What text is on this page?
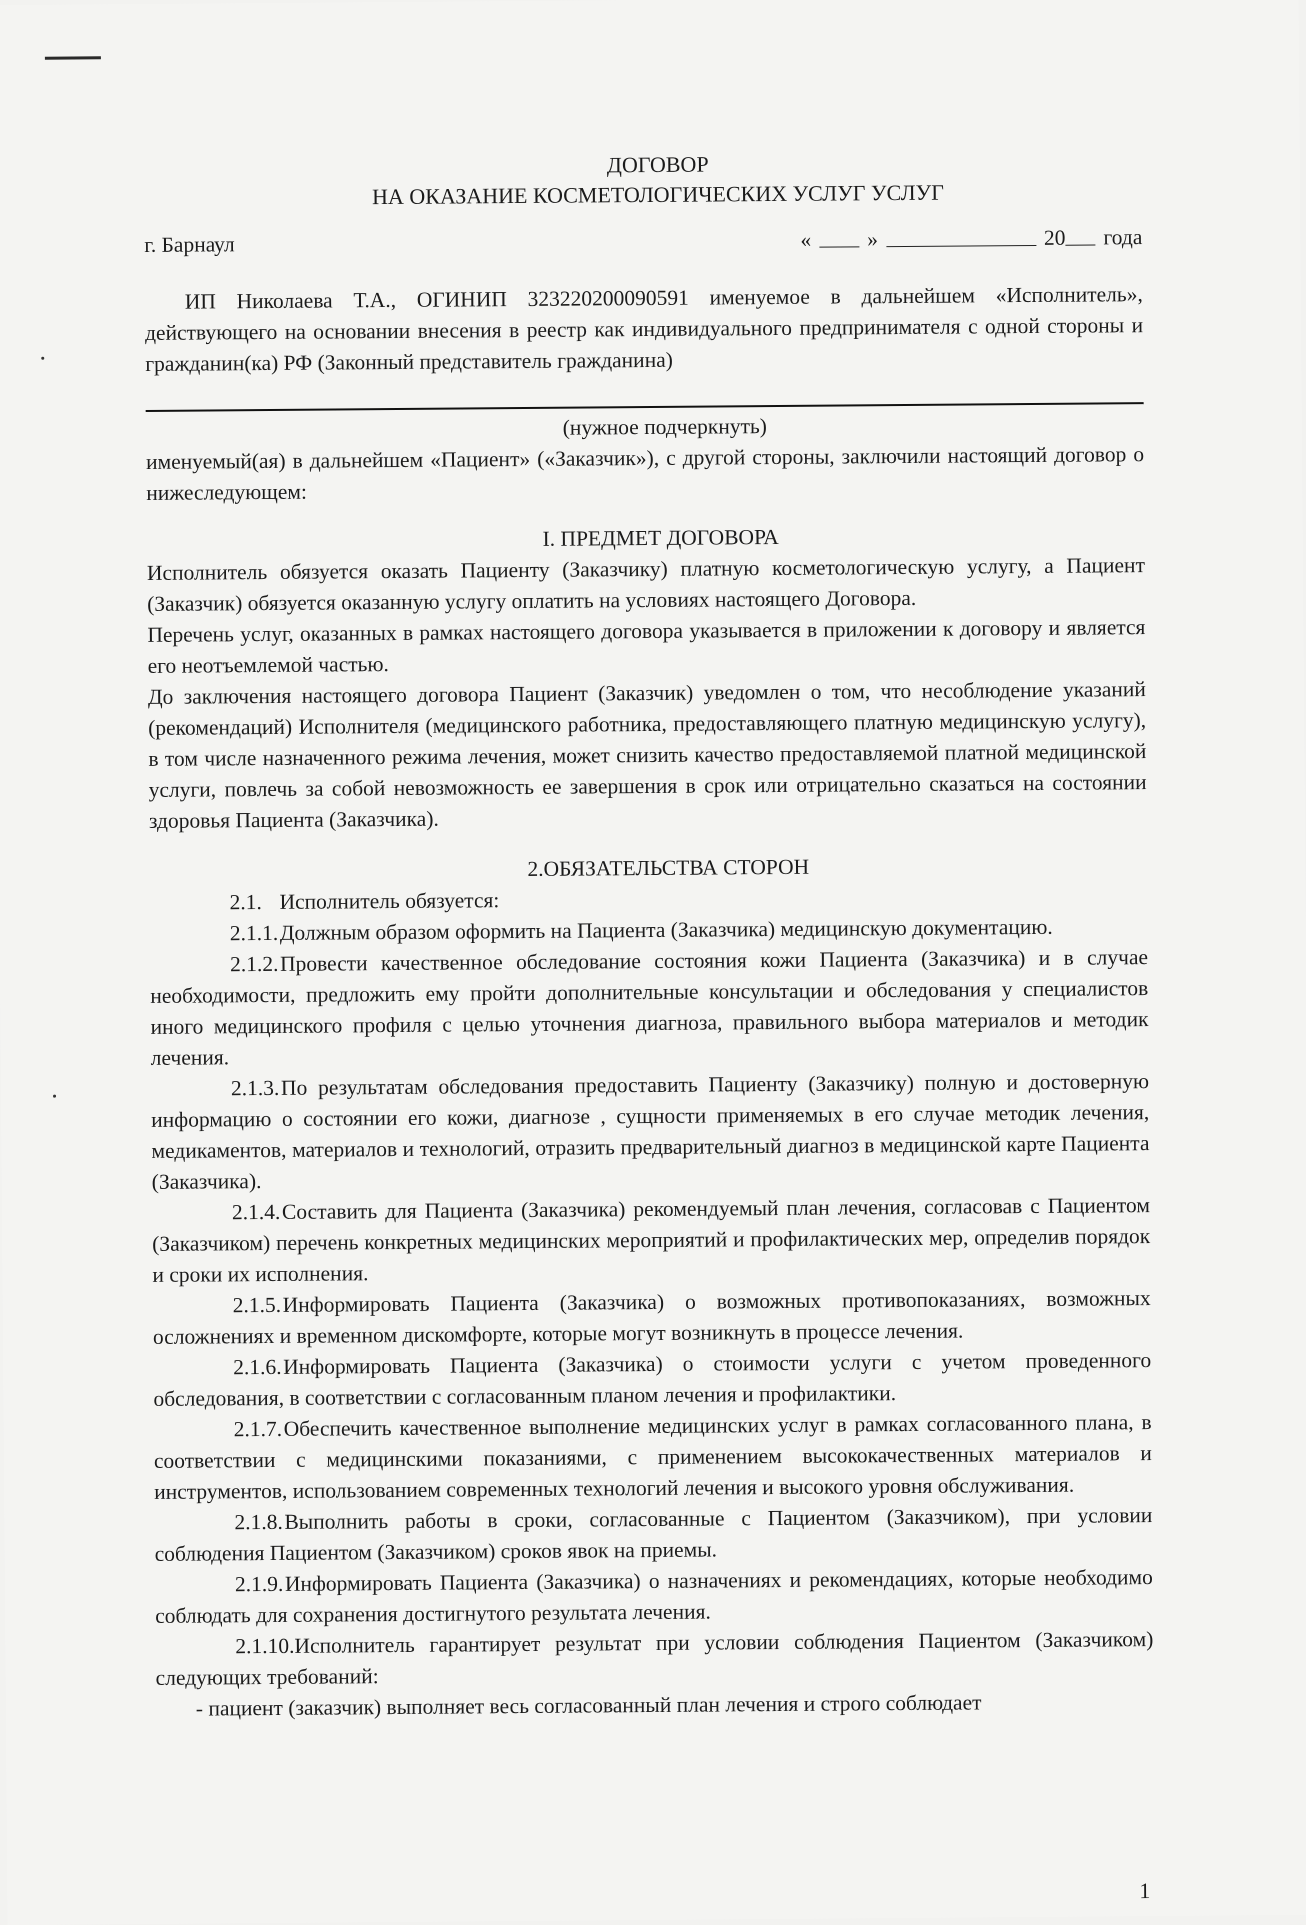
ДОГОВОР

НА ОКАЗАНИЕ КОСМЕТОЛОГИЧЕСКИХ УСЛУГ УСЛУГ

г. Барнаул	«	»	20 года

ИП Николаева Т.А., ОГИНИП 323220200090591 именуемое в дальнейшем «Исполнитель», действующего на основании внесения в реестр как индивидуального предпринимателя с одной стороны и гражданин(ка) РФ (Законный представитель гражданина)

(нужное подчеркнуть)

именуемый(ая) в дальнейшем «Пациент» («Заказчик»), с другой стороны, заключили настоящий договор о нижеследующем:

I. ПРЕДМЕТ ДОГОВОРА

Исполнитель обязуется оказать Пациенту (Заказчику) платную косметологическую услугу, а Пациент (Заказчик) обязуется оказанную услугу оплатить на условиях настоящего Договора.

Перечень услуг, оказанных в рамках настоящего договора указывается в приложении к договору и является его неотъемлемой частью.

До заключения настоящего договора Пациент (Заказчик) уведомлен о том, что несоблюдение указаний (рекомендаций) Исполнителя (медицинского работника, предоставляющего платную медицинскую услугу), в том числе назначенного режима лечения, может снизить качество предоставляемой платной медицинской услуги, повлечь за собой невозможность ее завершения в срок или отрицательно сказаться на состоянии здоровья Пациента (Заказчика).

2.ОБЯЗАТЕЛЬСТВА СТОРОН

2.1. Исполнитель обязуется:

2.1.1.Должным образом оформить на Пациента (Заказчика) медицинскую документацию.

2.1.2.Провести качественное обследование состояния кожи Пациента (Заказчика) и в случае необходимости, предложить ему пройти дополнительные консультации и обследования у специалистов иного медицинского профиля с целью уточнения диагноза, правильного выбора материалов и методик лечения.

2.1.3.По результатам обследования предоставить Пациенту (Заказчику) полную и достоверную информацию о состоянии его кожи, диагнозе , сущности применяемых в его случае методик лечения, медикаментов, материалов и технологий, отразить предварительный диагноз в медицинской карте Пациента (Заказчика).

2.1.4.Составить для Пациента (Заказчика) рекомендуемый план лечения, согласовав с Пациентом (Заказчиком) перечень конкретных медицинских мероприятий и профилактических мер, определив порядок и сроки их исполнения.

2.1.5.Информировать Пациента (Заказчика) о возможных противопоказаниях, возможных осложнениях и временном дискомфорте, которые могут возникнуть в процессе лечения.

2.1.6.Информировать Пациента (Заказчика) о стоимости услуги с учетом проведенного обследования, в соответствии с согласованным планом лечения и профилактики.

2.1.7.Обеспечить качественное выполнение медицинских услуг в рамках согласованного плана, в соответствии с медицинскими показаниями, с применением высококачественных материалов и инструментов, использованием современных технологий лечения и высокого уровня обслуживания.

2.1.8.Выполнить работы в сроки, согласованные с Пациентом (Заказчиком), при условии соблюдения Пациентом (Заказчиком) сроков явок на приемы.

2.1.9.Информировать Пациента (Заказчика) о назначениях и рекомендациях, которые необходимо соблюдать для сохранения достигнутого результата лечения.

2.1.10.Исполнитель гарантирует результат при условии соблюдения Пациентом (Заказчиком) следующих требований:

- пациент (заказчик) выполняет весь согласованный план лечения и строго соблюдает

1
